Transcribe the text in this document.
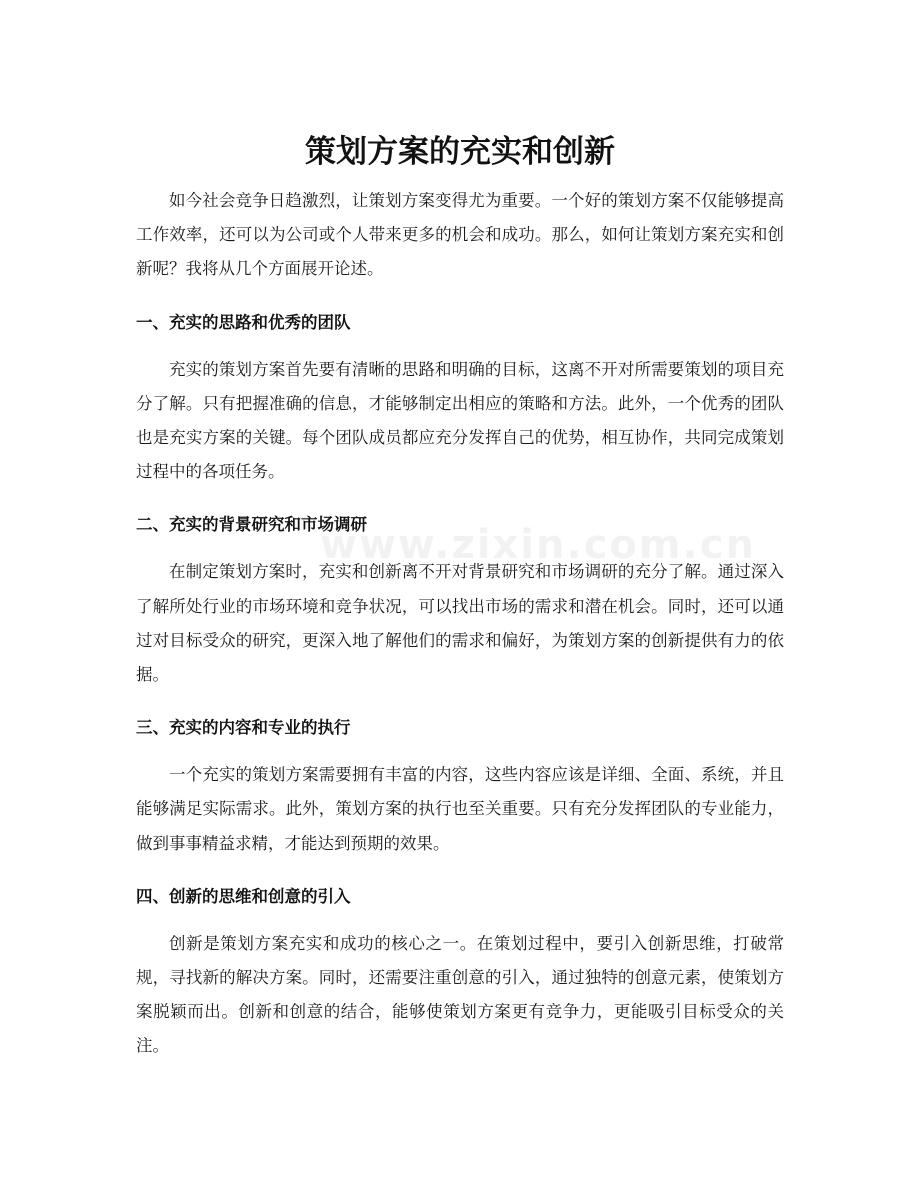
www.zixin.com.cn
策划方案的充实和创新

如今社会竞争日趋激烈，让策划方案变得尤为重要。一个好的策划方案不仅能够提高工作效率，还可以为公司或个人带来更多的机会和成功。那么，如何让策划方案充实和创新呢？我将从几个方面展开论述。

一、充实的思路和优秀的团队

充实的策划方案首先要有清晰的思路和明确的目标，这离不开对所需要策划的项目充分了解。只有把握准确的信息，才能够制定出相应的策略和方法。此外，一个优秀的团队也是充实方案的关键。每个团队成员都应充分发挥自己的优势，相互协作，共同完成策划过程中的各项任务。

二、充实的背景研究和市场调研

在制定策划方案时，充实和创新离不开对背景研究和市场调研的充分了解。通过深入了解所处行业的市场环境和竞争状况，可以找出市场的需求和潜在机会。同时，还可以通过对目标受众的研究，更深入地了解他们的需求和偏好，为策划方案的创新提供有力的依据。

三、充实的内容和专业的执行

一个充实的策划方案需要拥有丰富的内容，这些内容应该是详细、全面、系统，并且能够满足实际需求。此外，策划方案的执行也至关重要。只有充分发挥团队的专业能力，做到事事精益求精，才能达到预期的效果。

四、创新的思维和创意的引入

创新是策划方案充实和成功的核心之一。在策划过程中，要引入创新思维，打破常规，寻找新的解决方案。同时，还需要注重创意的引入，通过独特的创意元素，使策划方案脱颖而出。创新和创意的结合，能够使策划方案更有竞争力，更能吸引目标受众的关注。
